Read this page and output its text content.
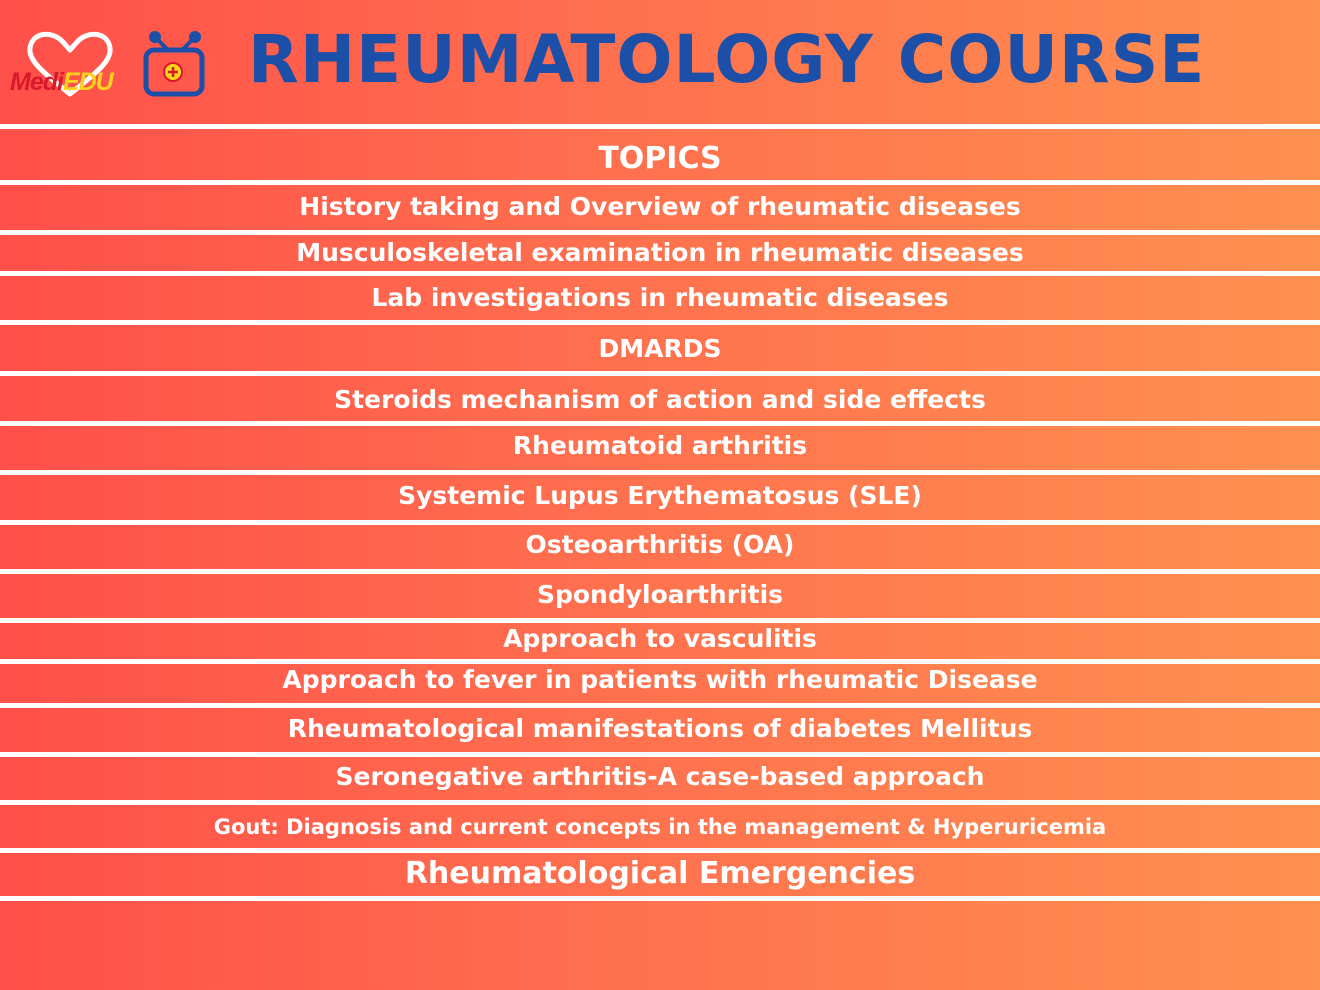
MediEDU RHEUMATOLOGY COURSE
TOPICS
History taking and Overview of rheumatic diseases
Musculoskeletal examination in rheumatic diseases
Lab investigations in rheumatic diseases
DMARDS
Steroids mechanism of action and side effects
Rheumatoid arthritis
Systemic Lupus Erythematosus (SLE)
Osteoarthritis (OA)
Spondyloarthritis
Approach to vasculitis
Approach to fever in patients with rheumatic Disease
Rheumatological manifestations of diabetes Mellitus
Seronegative arthritis-A case-based approach
Gout: Diagnosis and current concepts in the management & Hyperuricemia
Rheumatological Emergencies
